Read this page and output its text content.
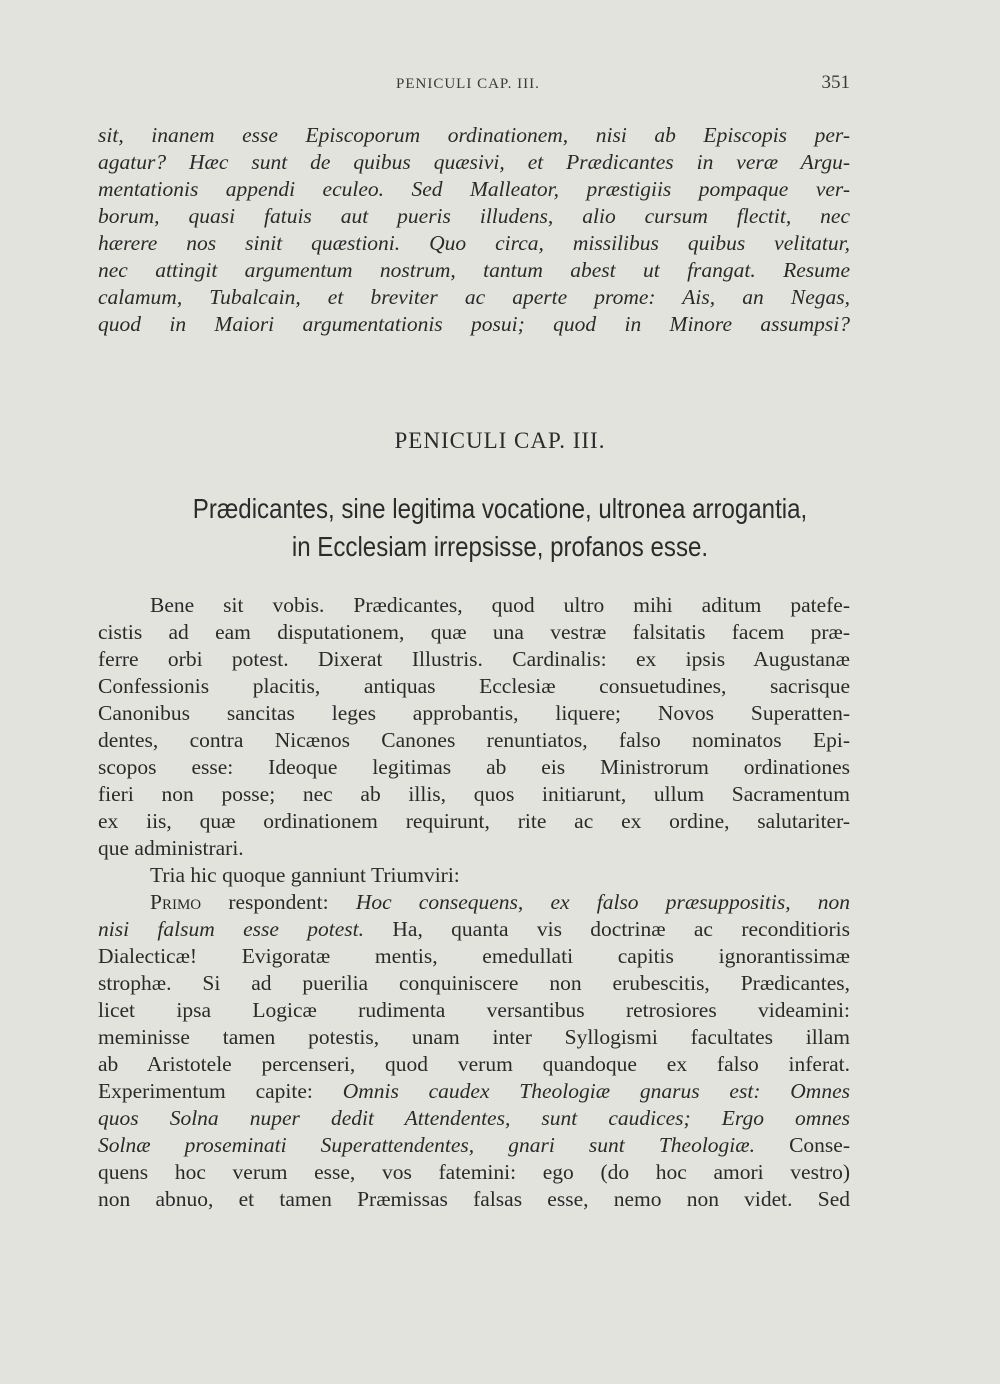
PENICULI CAP. III.	351
sit, inanem esse Episcoporum ordinationem, nisi ab Episcopis per-
agatur? Hæc sunt de quibus quæsivi, et Prædicantes in veræ Argu-
mentationis appendi eculeo. Sed Malleator, præstigiis pompaque ver-
borum, quasi fatuis aut pueris illudens, alio cursum flectit, nec
hærere nos sinit quæstioni. Quo circa, missilibus quibus velitatur,
nec attingit argumentum nostrum, tantum abest ut frangat. Resume
calamum, Tubalcain, et breviter ac aperte prome: Ais, an Negas,
quod in Maiori argumentationis posui; quod in Minore assumpsi?
PENICULI CAP. III.
Prædicantes, sine legitima vocatione, ultronea arrogantia,
in Ecclesiam irrepsisse, profanos esse.
Bene sit vobis. Prædicantes, quod ultro mihi aditum patefe-
cistis ad eam disputationem, quæ una vestræ falsitatis facem præ-
ferre orbi potest. Dixerat Illustris. Cardinalis: ex ipsis Augustanæ
Confessionis placitis, antiquas Ecclesiæ consuetudines, sacrisque
Canonibus sancitas leges approbantis, liquere; Novos Superatten-
dentes, contra Nicænos Canones renuntiatos, falso nominatos Epi-
scopos esse: Ideoque legitimas ab eis Ministrorum ordinationes
fieri non posse; nec ab illis, quos initiarunt, ullum Sacramentum
ex iis, quæ ordinationem requirunt, rite ac ex ordine, salutariter-
que administrari.
Tria hic quoque ganniunt Triumviri:
Primo respondent: Hoc consequens, ex falso præsuppositis, non
nisi falsum esse potest. Ha, quanta vis doctrinæ ac reconditioris
Dialecticæ! Evigoratæ mentis, emedullati capitis ignorantissimæ
strophæ. Si ad puerilia conquiniscere non erubescitis, Prædicantes,
licet ipsa Logicæ rudimenta versantibus retrosiores videamini:
meminisse tamen potestis, unam inter Syllogismi facultates illam
ab Aristotele percenseri, quod verum quandoque ex falso inferat.
Experimentum capite: Omnis caudex Theologiæ gnarus est: Omnes
quos Solna nuper dedit Attendentes, sunt caudices; Ergo omnes
Solnæ proseminati Superattendentes, gnari sunt Theologiæ. Conse-
quens hoc verum esse, vos fatemini: ego (do hoc amori vestro)
non abnuo, et tamen Præmissas falsas esse, nemo non videt. Sed
